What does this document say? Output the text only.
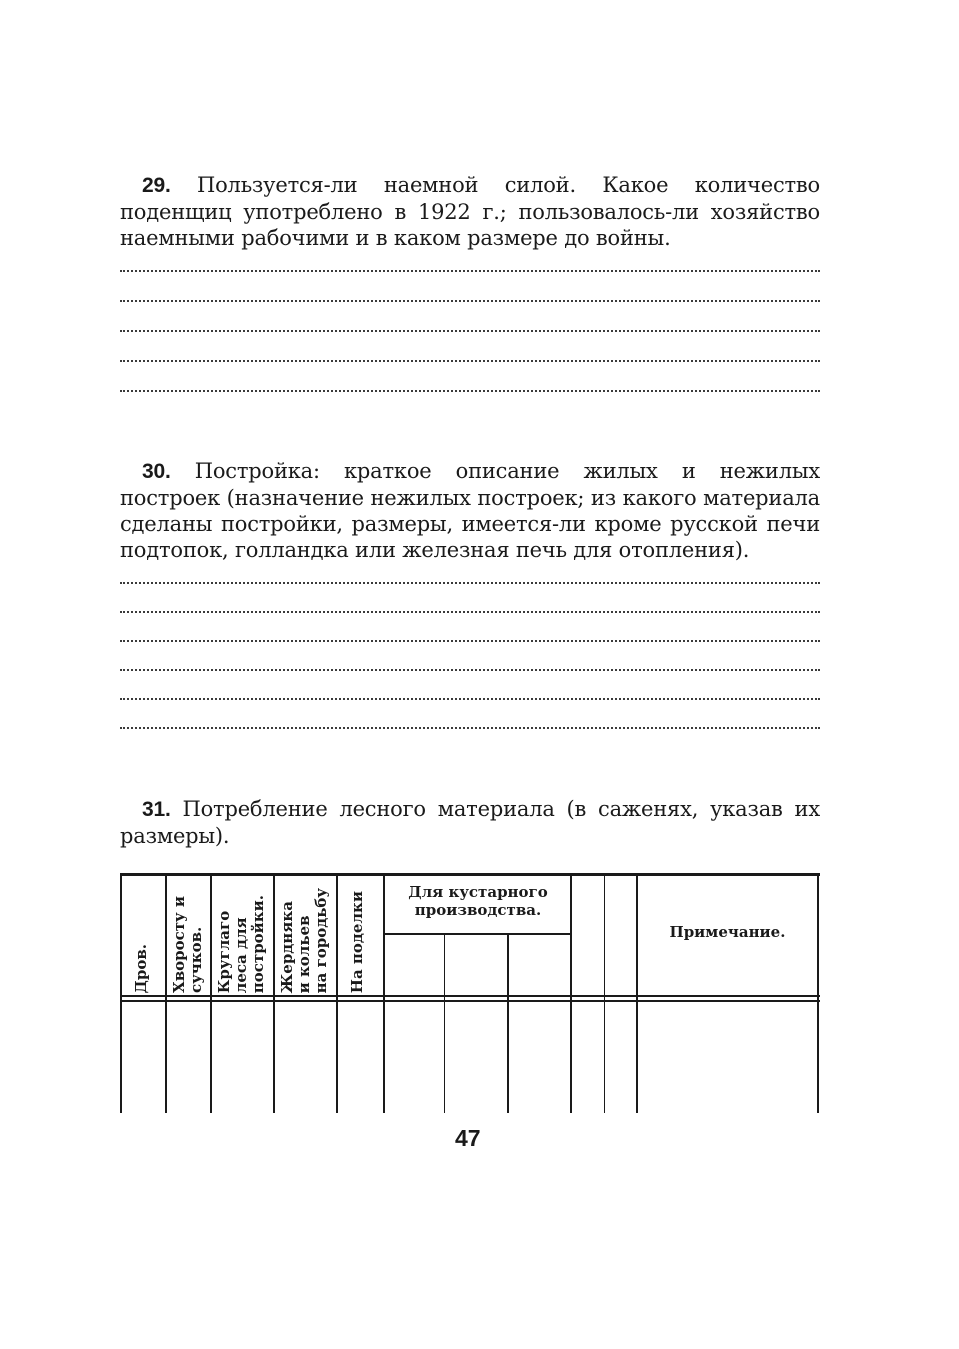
29. Пользуется-ли наемной силой. Какое количество поденщиц употреблено в 1922 г.; пользовалось-ли хозяйство наемными рабочими и в каком размере до войны.
30. Постройка: краткое описание жилых и нежилых построек (назначение нежилых построек; из какого материала сделаны постройки, размеры, имеется-ли кроме русской печи подтопок, голландка или железная печь для отопления).
31. Потребление лесного материала (в саженях, указав их размеры).
Дров. Хворосту и
сучков. Круглаго
леса для
постройки. Жердняка
и кольев
на городьбу На поделки	Для кустарного производства.
Примечание.
47
